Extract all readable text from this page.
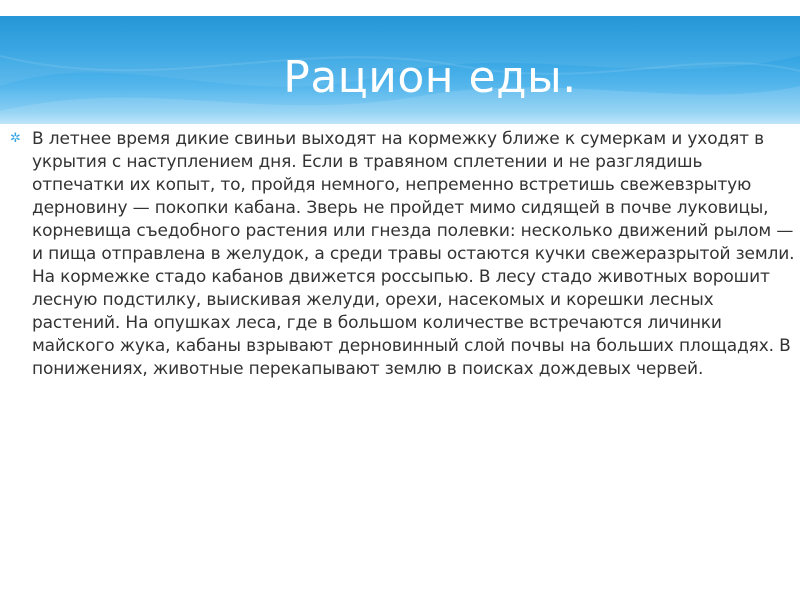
Рацион еды.
✲ В летнее время дикие свиньи выходят на кормежку ближе к сумеркам и уходят в укрытия с наступлением дня. Если в травяном сплетении и не разглядишь отпечатки их копыт, то, пройдя немного, непременно встретишь свежевзрытую дерновину — покопки кабана. Зверь не пройдет мимо сидящей в почве луковицы, корневища съедобного растения или гнезда полевки: несколько движений рылом — и пища отправлена в желудок, а среди травы остаются кучки свежеразрытой земли. На кормежке стадо кабанов движется россыпью. В лесу стадо животных ворошит лесную подстилку, выискивая желуди, орехи, насекомых и корешки лесных растений. На опушках леса, где в большом количестве встречаются личинки майского жука, кабаны взрывают дерновинный слой почвы на больших площадях. В понижениях, животные перекапывают землю в поисках дождевых червей.
